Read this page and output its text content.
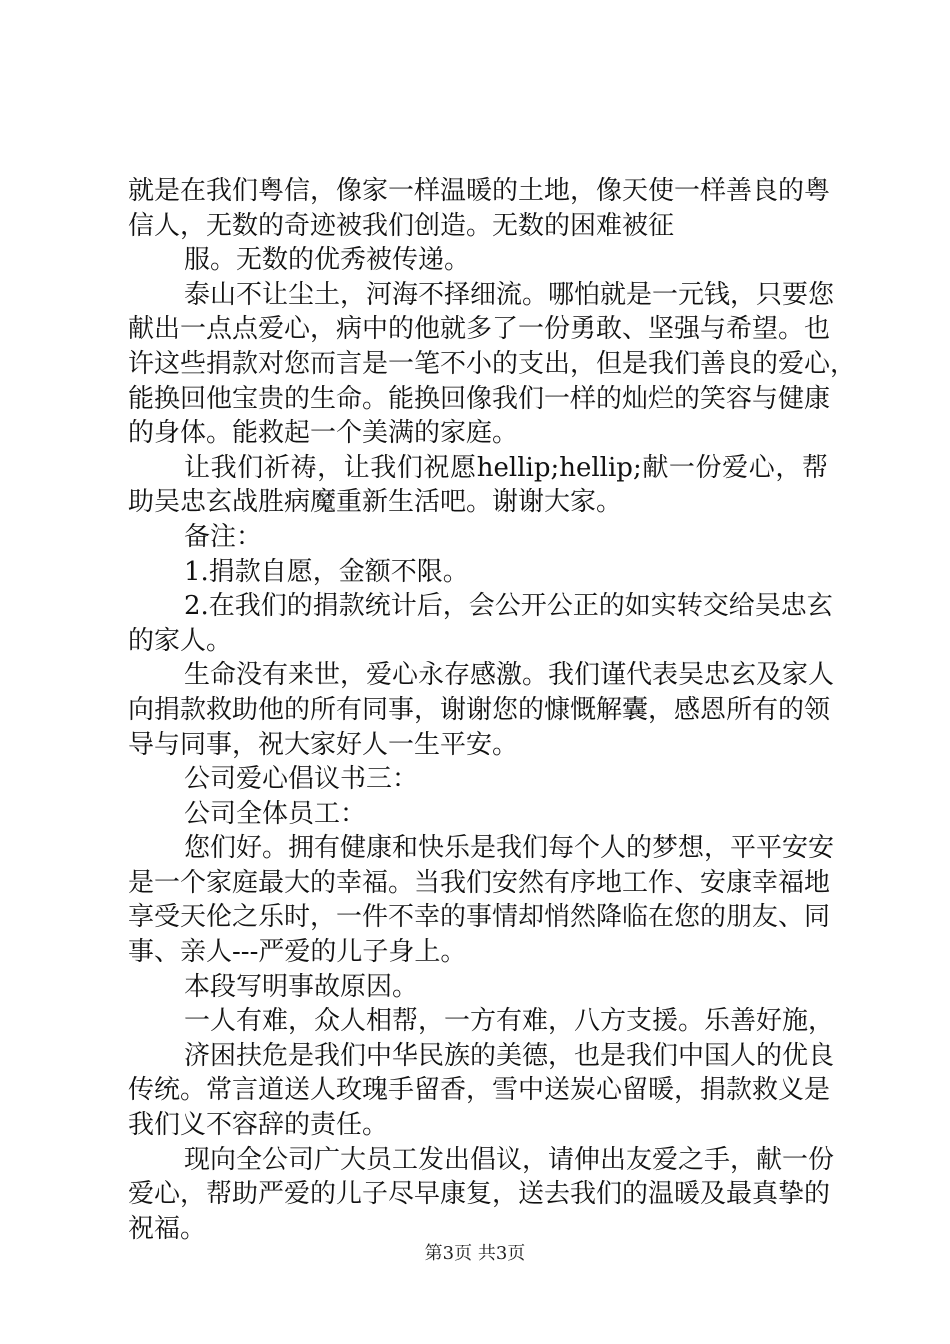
就是在我们粤信，像家一样温暖的土地，像天使一样善良的粤
信人，无数的奇迹被我们创造。无数的困难被征
服。无数的优秀被传递。
泰山不让尘土，河海不择细流。哪怕就是一元钱，只要您
献出一点点爱心，病中的他就多了一份勇敢、坚强与希望。也
许这些捐款对您而言是一笔不小的支出，但是我们善良的爱心，
能换回他宝贵的生命。能换回像我们一样的灿烂的笑容与健康
的身体。能救起一个美满的家庭。
让我们祈祷，让我们祝愿hellip;hellip;献一份爱心，帮
助吴忠玄战胜病魔重新生活吧。谢谢大家。
备注：
1.捐款自愿，金额不限。
2.在我们的捐款统计后，会公开公正的如实转交给吴忠玄
的家人。
生命没有来世，爱心永存感激。我们谨代表吴忠玄及家人
向捐款救助他的所有同事，谢谢您的慷慨解囊，感恩所有的领
导与同事，祝大家好人一生平安。
公司爱心倡议书三：
公司全体员工：
您们好。拥有健康和快乐是我们每个人的梦想，平平安安
是一个家庭最大的幸福。当我们安然有序地工作、安康幸福地
享受天伦之乐时，一件不幸的事情却悄然降临在您的朋友、同
事、亲人---严爱的儿子身上。
本段写明事故原因。
一人有难，众人相帮，一方有难，八方支援。乐善好施，
济困扶危是我们中华民族的美德，也是我们中国人的优良
传统。常言道送人玫瑰手留香，雪中送炭心留暖，捐款救义是
我们义不容辞的责任。
现向全公司广大员工发出倡议，请伸出友爱之手，献一份
爱心，帮助严爱的儿子尽早康复，送去我们的温暖及最真挚的
祝福。
第3页 共3页
